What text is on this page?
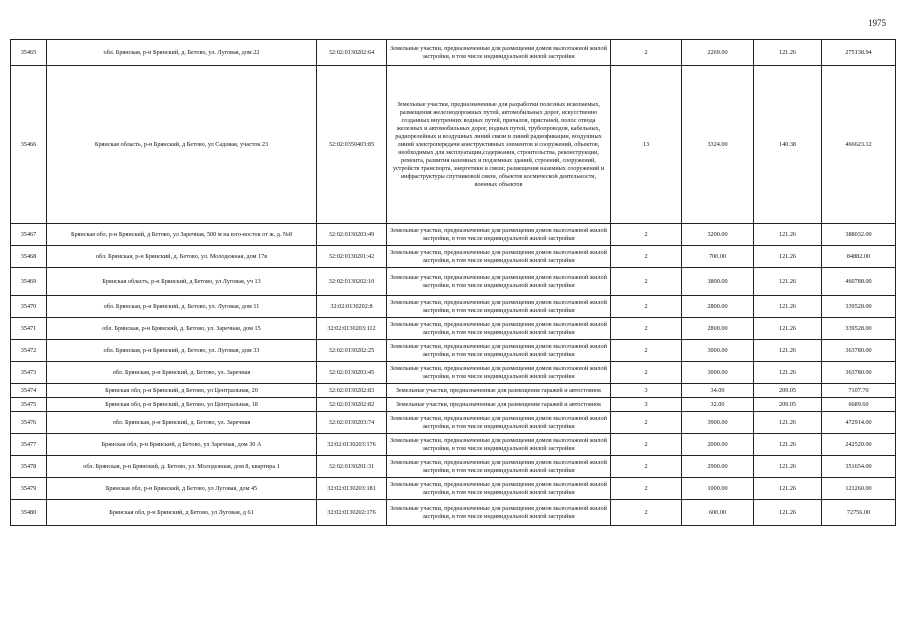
1975
35465	обл. Брянская, р-н Брянский, д. Бетово, ул. Луговая, дом 22	32:02:0130202:64	Земельные участки, предназначенные для размещения домов малоэтажной жилой застройки, в том числе индивидуальной жилой застройки	2	2269.00	121.26	275138.94
35466	Брянская область, р-н Брянский, д Бетово, ул Садовая, участок 23	32:02:0350403:85	Земельные участки, предназначенные для разработки полезных ископаемых, размещения железнодорожных путей, автомобильных дорог, искусственно созданных внутренних водных путей, причалов, пристаней, полос отвода железных и автомобильных дорог, водных путей, трубопроводов, кабельных, радиорелейных и воздушных линий связи и линий радиофикации, воздушных линий электропередачи конструктивных элементов и сооружений, объектов, необходимых для эксплуатации,содержания, строительства, реконструкции, ремонта, развития наземных и подземных зданий, строений, сооружений, устройств транспорта, энергетики и связи; размещения наземных сооружений и инфраструктуры спутниковой связи, объектов космической деятельности, военных объектов	13	3324.00	140.38	466623.12
35467	Брянская обл, р-н Брянский, д Бетово, ул Заречная, 500 м на юго-восток от ж. д. №8	32:02:0130203:49	Земельные участки, предназначенные для размещения домов малоэтажной жилой застройки, в том числе индивидуальной жилой застройки	2	3200.00	121.26	388032.00
35468	обл. Брянская, р-н Брянский, д. Бетово, ул. Молодежная, дом 17в	32:02:0130201:42	Земельные участки, предназначенные для размещения домов малоэтажной жилой застройки, в том числе индивидуальной жилой застройки	2	700.00	121.26	84882.00
35469	Брянская область, р-н Брянский, д Бетово, ул Луговая, уч 13	32:02:0130202:10	Земельные участки, предназначенные для размещения домов малоэтажной жилой застройки, в том числе индивидуальной жилой застройки	2	3800.00	121.26	460788.00
35470	обл. Брянская, р-н Брянский, д. Бетово, ул. Луговая, дом 11	32:02:0130202:8	Земельные участки, предназначенные для размещения домов малоэтажной жилой застройки, в том числе индивидуальной жилой застройки	2	2800.00	121.26	339528.00
35471	обл. Брянская, р-н Брянский, д. Бетово, ул. Заречная, дом 15	32:02:0130203:112	Земельные участки, предназначенные для размещения домов малоэтажной жилой застройки, в том числе индивидуальной жилой застройки	2	2800.00	121.26	339528.00
35472	обл. Брянская, р-н Брянский, д. Бетово, ул. Луговая, дом 33	32:02:0130202:25	Земельные участки, предназначенные для размещения домов малоэтажной жилой застройки, в том числе индивидуальной жилой застройки	2	3000.00	121.26	363780.00
35473	обл. Брянская, р-н Брянский, д. Бетово, ул. Заречная	32:02:0130203:45	Земельные участки, предназначенные для размещения домов малоэтажной жилой застройки, в том числе индивидуальной жилой застройки	2	3000.00	121.26	363780.00
35474	Брянская обл, р-н Брянский, д Бетово, ул Центральная, 20	32:02:0130202:83	Земельные участки, предназначенные для размещения гаражей и автостоянок	3	34.00	209.05	7107.70
35475	Брянская обл, р-н Брянский, д Бетово, ул Центральная, 18	32:02:0130202:82	Земельные участки, предназначенные для размещения гаражей и автостоянок	3	32.00	209.05	6689.60
35476	обл. Брянская, р-н Брянский, д. Бетово, ул. Заречная	32:02:0130203:74	Земельные участки, предназначенные для размещения домов малоэтажной жилой застройки, в том числе индивидуальной жилой застройки	2	3900.00	121.26	472914.00
35477	Брянская обл, р-н Брянский, д Бетово, ул Заречная, дом 30 А	32:02:0130203:176	Земельные участки, предназначенные для размещения домов малоэтажной жилой застройки, в том числе индивидуальной жилой застройки	2	2000.00	121.26	242520.00
35478	обл. Брянская, р-н Брянский, д. Бетово, ул. Молодежная, дом 8, квартира 1	32:02:0130201:31	Земельные участки, предназначенные для размещения домов малоэтажной жилой застройки, в том числе индивидуальной жилой застройки	2	2900.00	121.26	351654.00
35479	Брянская обл, р-н Брянский, д Бетово, ул Луговая, дом 45	32:02:0130203:181	Земельные участки, предназначенные для размещения домов малоэтажной жилой застройки, в том числе индивидуальной жилой застройки	2	1000.00	121.26	121260.00
35480	Брянская обл, р-н Брянский, д Бетово, ул Луговая, д 61	32:02:0130202:176	Земельные участки, предназначенные для размещения домов малоэтажной жилой застройки, в том числе индивидуальной жилой застройки	2	600.00	121.26	72756.00
